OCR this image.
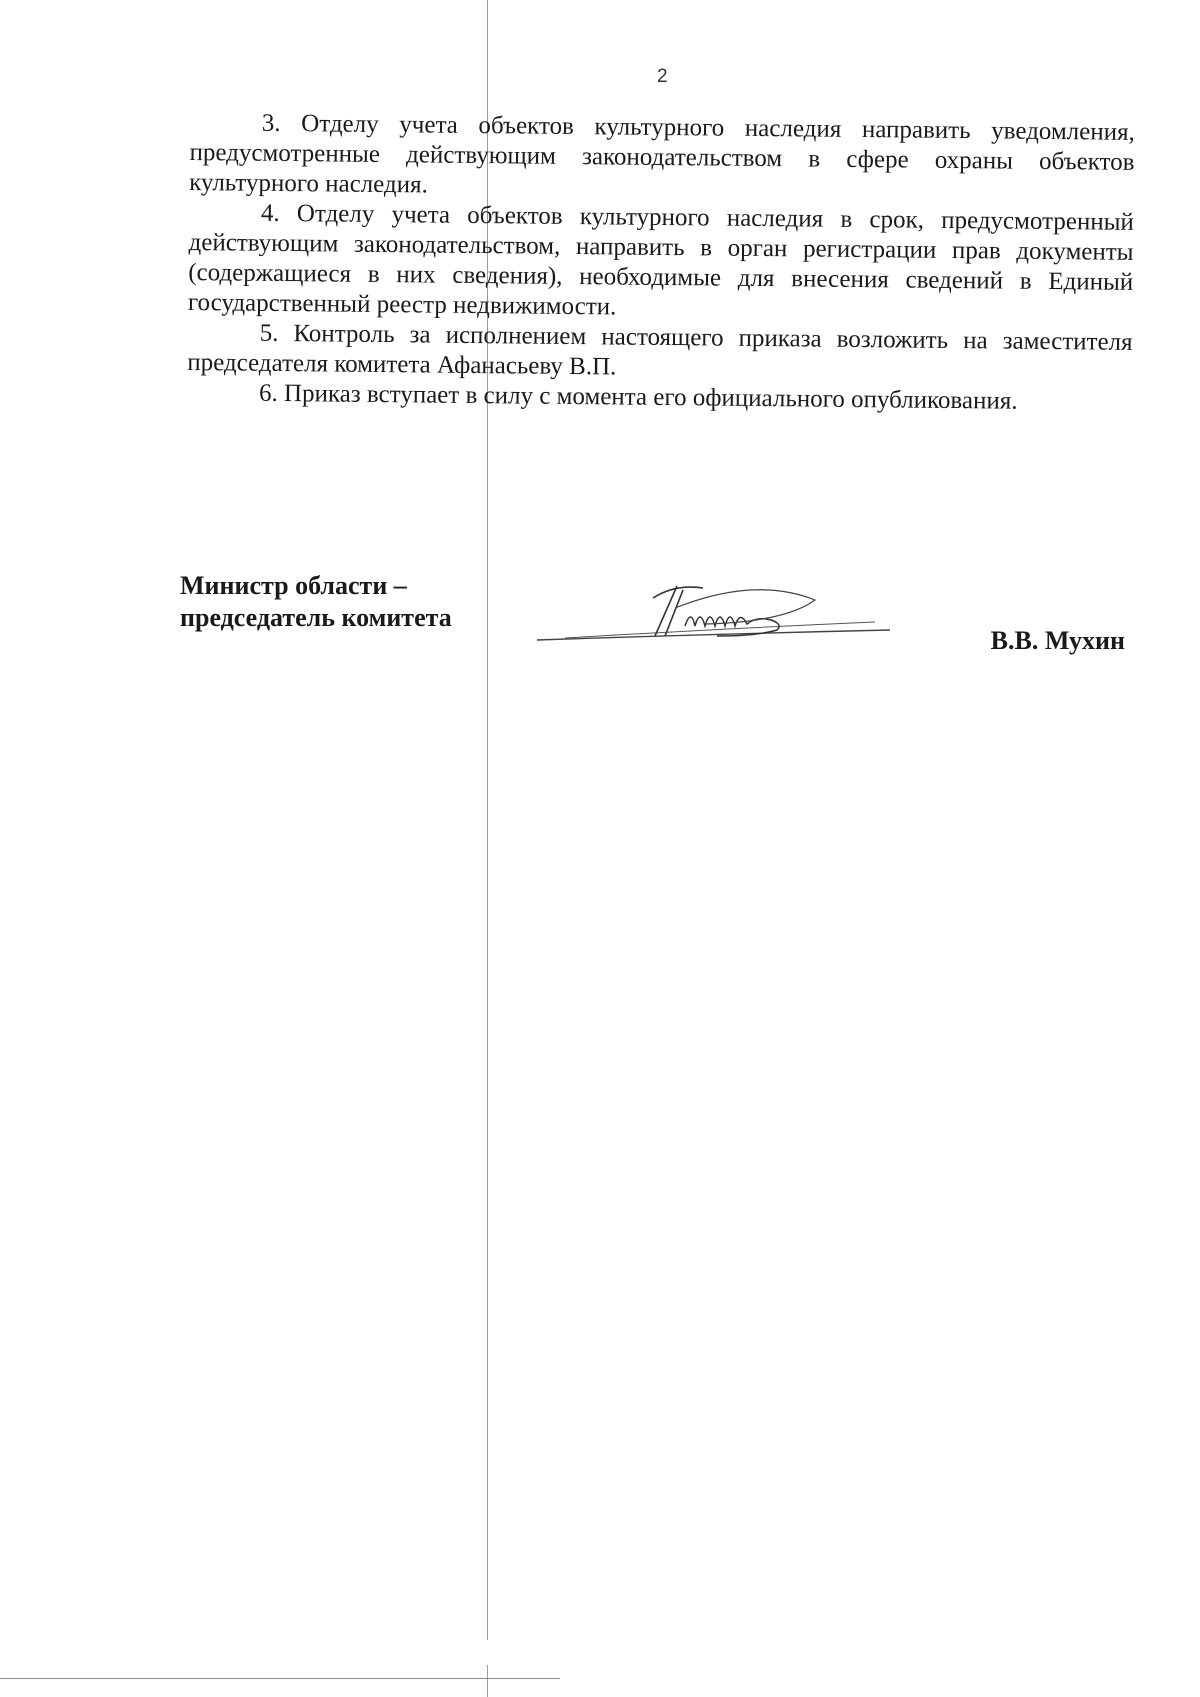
2

3. Отделу учета объектов культурного наследия направить уведомления, предусмотренные действующим законодательством в сфере охраны объектов культурного наследия.

4. Отделу учета объектов культурного наследия в срок, предусмотренный действующим законодательством, направить в орган регистрации прав документы (содержащиеся в них сведения), необходимые для внесения сведений в Единый государственный реестр недвижимости.

5. Контроль за исполнением настоящего приказа возложить на заместителя председателя комитета Афанасьеву В.П.

6. Приказ вступает в силу с момента его официального опубликования.

Министр области –
председатель комитета
В.В. Мухин
